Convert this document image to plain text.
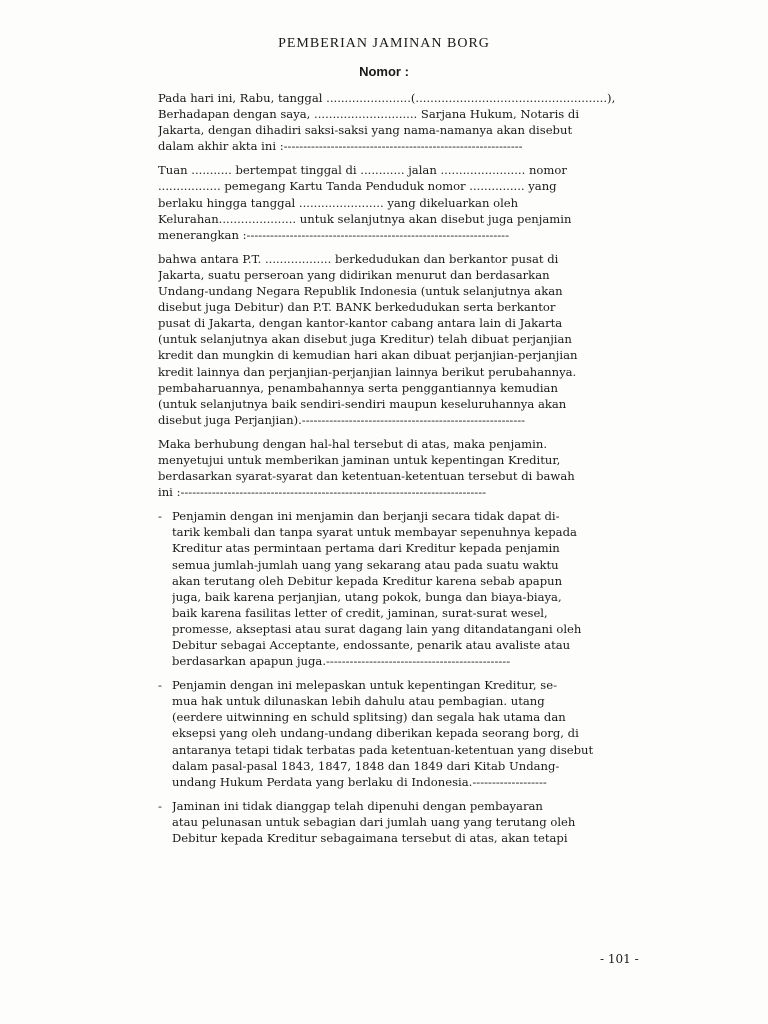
PEMBERIAN JAMINAN BORG
Nomor :
Pada hari ini, Rabu, tanggal .......................(....................................................),
Berhadapan dengan saya, ............................ Sarjana Hukum, Notaris di
Jakarta, dengan dihadiri saksi-saksi yang nama-namanya akan disebut
dalam akhir akta ini :-------------------------------------------------------------
Tuan ........... bertempat tinggal di ............ jalan ....................... nomor
................. pemegang Kartu Tanda Penduduk nomor ............... yang
berlaku hingga tanggal ....................... yang dikeluarkan oleh
Kelurahan..................... untuk selanjutnya akan disebut juga penjamin
menerangkan :-------------------------------------------------------------------
bahwa antara P.T. .................. berkedudukan dan berkantor pusat di
Jakarta, suatu perseroan yang didirikan menurut dan berdasarkan
Undang-undang Negara Republik Indonesia (untuk selanjutnya akan
disebut juga Debitur) dan P.T. BANK berkedudukan serta berkantor
pusat di Jakarta, dengan kantor-kantor cabang antara lain di Jakarta
(untuk selanjutnya akan disebut juga Kreditur) telah dibuat perjanjian
kredit dan mungkin di kemudian hari akan dibuat perjanjian-perjanjian
kredit lainnya dan perjanjian-perjanjian lainnya berikut perubahannya.
pembaharuannya, penambahannya serta penggantiannya kemudian
(untuk selanjutnya baik sendiri-sendiri maupun keseluruhannya akan
disebut juga Perjanjian).---------------------------------------------------------
Maka berhubung dengan hal-hal tersebut di atas, maka penjamin.
menyetujui untuk memberikan jaminan untuk kepentingan Kreditur,
berdasarkan syarat-syarat dan ketentuan-ketentuan tersebut di bawah
ini :------------------------------------------------------------------------------
- Penjamin dengan ini menjamin dan berjanji secara tidak dapat di-
tarik kembali dan tanpa syarat untuk membayar sepenuhnya kepada
Kreditur atas permintaan pertama dari Kreditur kepada penjamin
semua jumlah-jumlah uang yang sekarang atau pada suatu waktu
akan terutang oleh Debitur kepada Kreditur karena sebab apapun
juga, baik karena perjanjian, utang pokok, bunga dan biaya-biaya,
baik karena fasilitas letter of credit, jaminan, surat-surat wesel,
promesse, akseptasi atau surat dagang lain yang ditandatangani oleh
Debitur sebagai Acceptante, endossante, penarik atau avaliste atau
berdasarkan apapun juga.-----------------------------------------------
- Penjamin dengan ini melepaskan untuk kepentingan Kreditur, se-
mua hak untuk dilunaskan lebih dahulu atau pembagian. utang
(eerdere uitwinning en schuld splitsing) dan segala hak utama dan
eksepsi yang oleh undang-undang diberikan kepada seorang borg, di
antaranya tetapi tidak terbatas pada ketentuan-ketentuan yang disebut
dalam pasal-pasal 1843, 1847, 1848 dan 1849 dari Kitab Undang-
undang Hukum Perdata yang berlaku di Indonesia.-------------------
- Jaminan ini tidak dianggap telah dipenuhi dengan pembayaran
atau pelunasan untuk sebagian dari jumlah uang yang terutang oleh
Debitur kepada Kreditur sebagaimana tersebut di atas, akan tetapi
- 101 -
